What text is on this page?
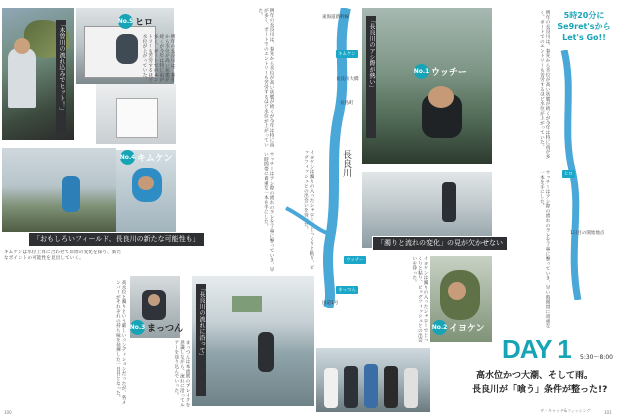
「木曽川の流れ込みでヒット！」	No.5 ヒロ
例年の長良川は、春先から水位が高い状態が続くが今年は特に雨が多く、ボートでのエントリーも苦労するほど水位が上がっていた。
No.4 キムケン
「おもしろいフィールド、長良川の新たな可能性も」
キムケンは水位上昇に合わせて岸際の変化を探り、新たなポイントの可能性を見出していく。
高水位と濁りという厳しいコンディションだったが、各メンバーがそれぞれの持ち味を発揮した一日目となった。	No.3 まっつん
まっつんは本流筋のブレイクを意識しながら、流れに沿ってルアーを送り込んでいった。
「長良川の流れに沿って」
例年の長良川は、春先から水位が高い状態が続くが今年は特に雨が多く、ボートでのエントリーも苦労するほど水位が上がっていた。
ウッチーはアシ際の流れのヨレを丁寧に撃っていき、早い時間帯に貴重な一本を手にした。	イヨケンは濁りの入ったシャローでじっくりと粘り、ビッグフィッシュとの出会いを待った。
東海道新幹線
キムケン
長良川大橋
長島町
長良川
ウッチー
まっつん
国道1号
「長良川のアシ際が熱い」	No.1 ウッチー
「濁りと流れの変化」の見が欠かせない
No.2 イヨケン
イヨケンは濁りの入ったシャローでじっくりと粘り、ビッグフィッシュとの出会いを待った。
5時20分に
Se9ret'sから
Let's Go!!
例年の長良川は、春先から水位が高い状態が続くが今年は特に雨が多く、ボートでのエントリーも苦労するほど水位が上がっていた。
ウッチーはアシ際の流れのヨレを丁寧に撃っていき、早い時間帯に貴重な一本を手にした。	ヒロ
1日目の開始地点
DAY 1 5:30〜8:00
高水位かつ大潮、そして雨。
長良川が「喰う」条件が整った!?
100	ザ・キャッチ&フィッシング	101
